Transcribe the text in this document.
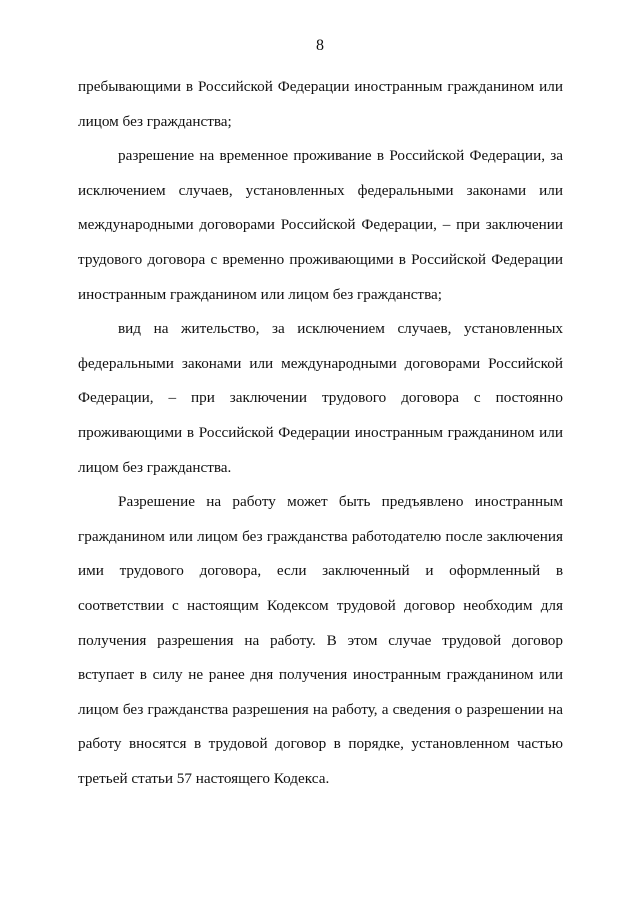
8

пребывающими в Российской Федерации иностранным гражданином или лицом без гражданства;

разрешение на временное проживание в Российской Федерации, за исключением случаев, установленных федеральными законами или международными договорами Российской Федерации, – при заключении трудового договора с временно проживающими в Российской Федерации иностранным гражданином или лицом без гражданства;

вид на жительство, за исключением случаев, установленных федеральными законами или международными договорами Российской Федерации, – при заключении трудового договора с постоянно проживающими в Российской Федерации иностранным гражданином или лицом без гражданства.

Разрешение на работу может быть предъявлено иностранным гражданином или лицом без гражданства работодателю после заключения ими трудового договора, если заключенный и оформленный в соответствии с настоящим Кодексом трудовой договор необходим для получения разрешения на работу. В этом случае трудовой договор вступает в силу не ранее дня получения иностранным гражданином или лицом без гражданства разрешения на работу, а сведения о разрешении на работу вносятся в трудовой договор в порядке, установленном частью третьей статьи 57 настоящего Кодекса.
